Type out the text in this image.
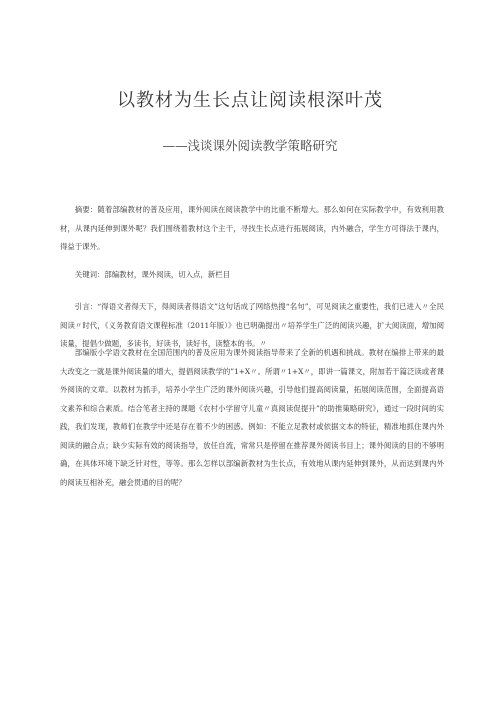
以教材为生长点让阅读根深叶茂
——浅谈课外阅读教学策略研究

摘要：随着部编教材的普及应用，课外阅读在阅读教学中的比重不断增大。那么如何在实际教学中，有效利用教材，从课内延伸到课外呢？我们围绕着教材这个主干，寻找生长点进行拓展阅读，内外融合，学生方可得法于课内，得益于课外。

关键词：部编教材，课外阅读，切入点，新栏目

引言：“得语文者得天下，得阅读者得语文”这句话成了网络热搜“名句”，可见阅读之重要性，我们已进入〃全民阅读〃时代，《义务教育语文课程标准（2011年版）》也已明确提出〃培养学生广泛的阅读兴趣，扩大阅读面，增加阅读量，提倡少做题，多读书，好读书，读好书，读整本的书。〃

部编版小学语文教材在全国范围内的普及应用为课外阅读指导带来了全新的机遇和挑战。教材在编排上带来的最大改变之一就是课外阅读量的增大，提倡阅读教学的”1+X〃。所谓〃1+X〃，即讲一篇课文，附加若干篇泛读或者课外阅读的文章。以教材为抓手，培养小学生广泛的课外阅读兴趣，引导他们提高阅读量，拓展阅读范围，全面提高语文素养和综合素质。结合笔者主持的课题《农村小学留守儿童〃真阅读促提升”的助推策略研究》，通过一段时间的实践，我们发现，教师们在教学中还是存在着不少的困惑。例如：不能立足教材或依据文本的特征，精准地抓住课内外阅读的融合点；缺少实际有效的阅读指导，放任自流，常常只是停留在推荐课外阅读书目上；课外阅读的目的不够明确，在具体环境下缺乏针对性，等等。那么怎样以部编新教材为生长点，有效地从课内延伸到课外，从而达到课内外的阅读互相补充，融会贯通的目的呢？
